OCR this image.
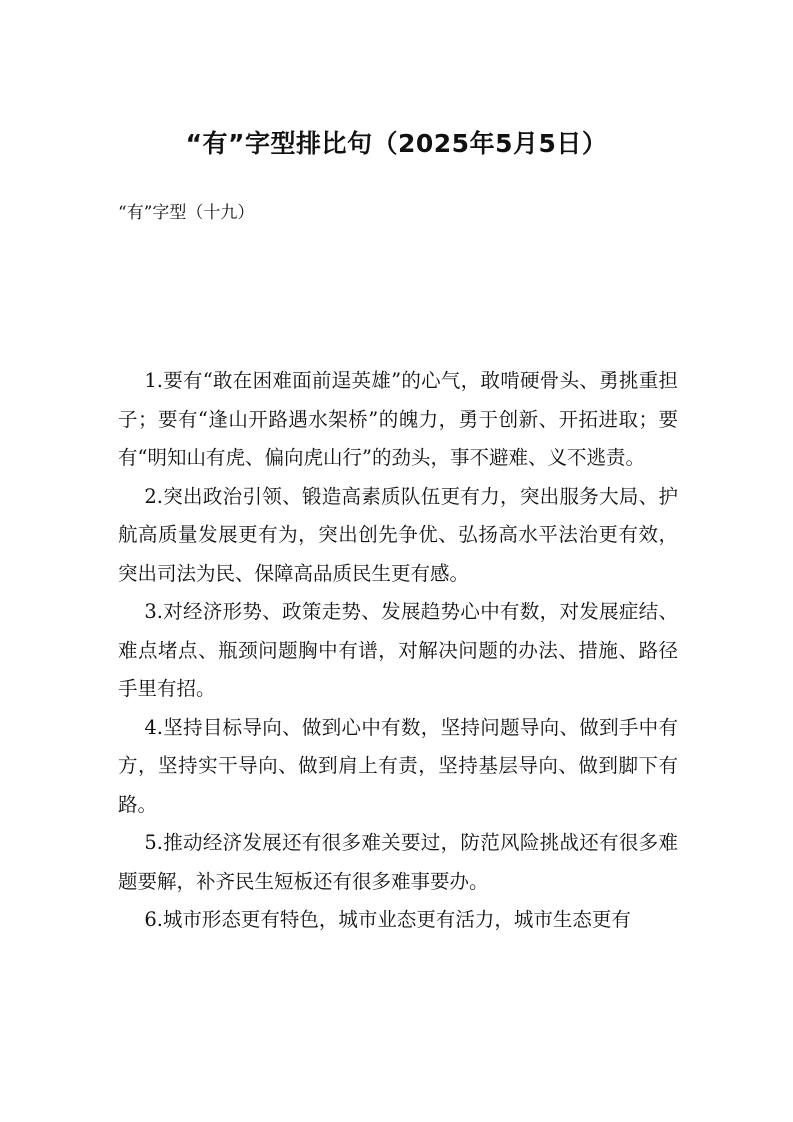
“有”字型排比句（2025年5月5日）

“有”字型（十九）

1.要有“敢在困难面前逞英雄”的心气，敢啃硬骨头、勇挑重担子；要有“逢山开路遇水架桥”的魄力，勇于创新、开拓进取；要有“明知山有虎、偏向虎山行”的劲头，事不避难、义不逃责。

2.突出政治引领、锻造高素质队伍更有力，突出服务大局、护航高质量发展更有为，突出创先争优、弘扬高水平法治更有效，突出司法为民、保障高品质民生更有感。

3.对经济形势、政策走势、发展趋势心中有数，对发展症结、难点堵点、瓶颈问题胸中有谱，对解决问题的办法、措施、路径手里有招。

4.坚持目标导向、做到心中有数，坚持问题导向、做到手中有方，坚持实干导向、做到肩上有责，坚持基层导向、做到脚下有路。

5.推动经济发展还有很多难关要过，防范风险挑战还有很多难题要解，补齐民生短板还有很多难事要办。

6.城市形态更有特色，城市业态更有活力，城市生态更有
